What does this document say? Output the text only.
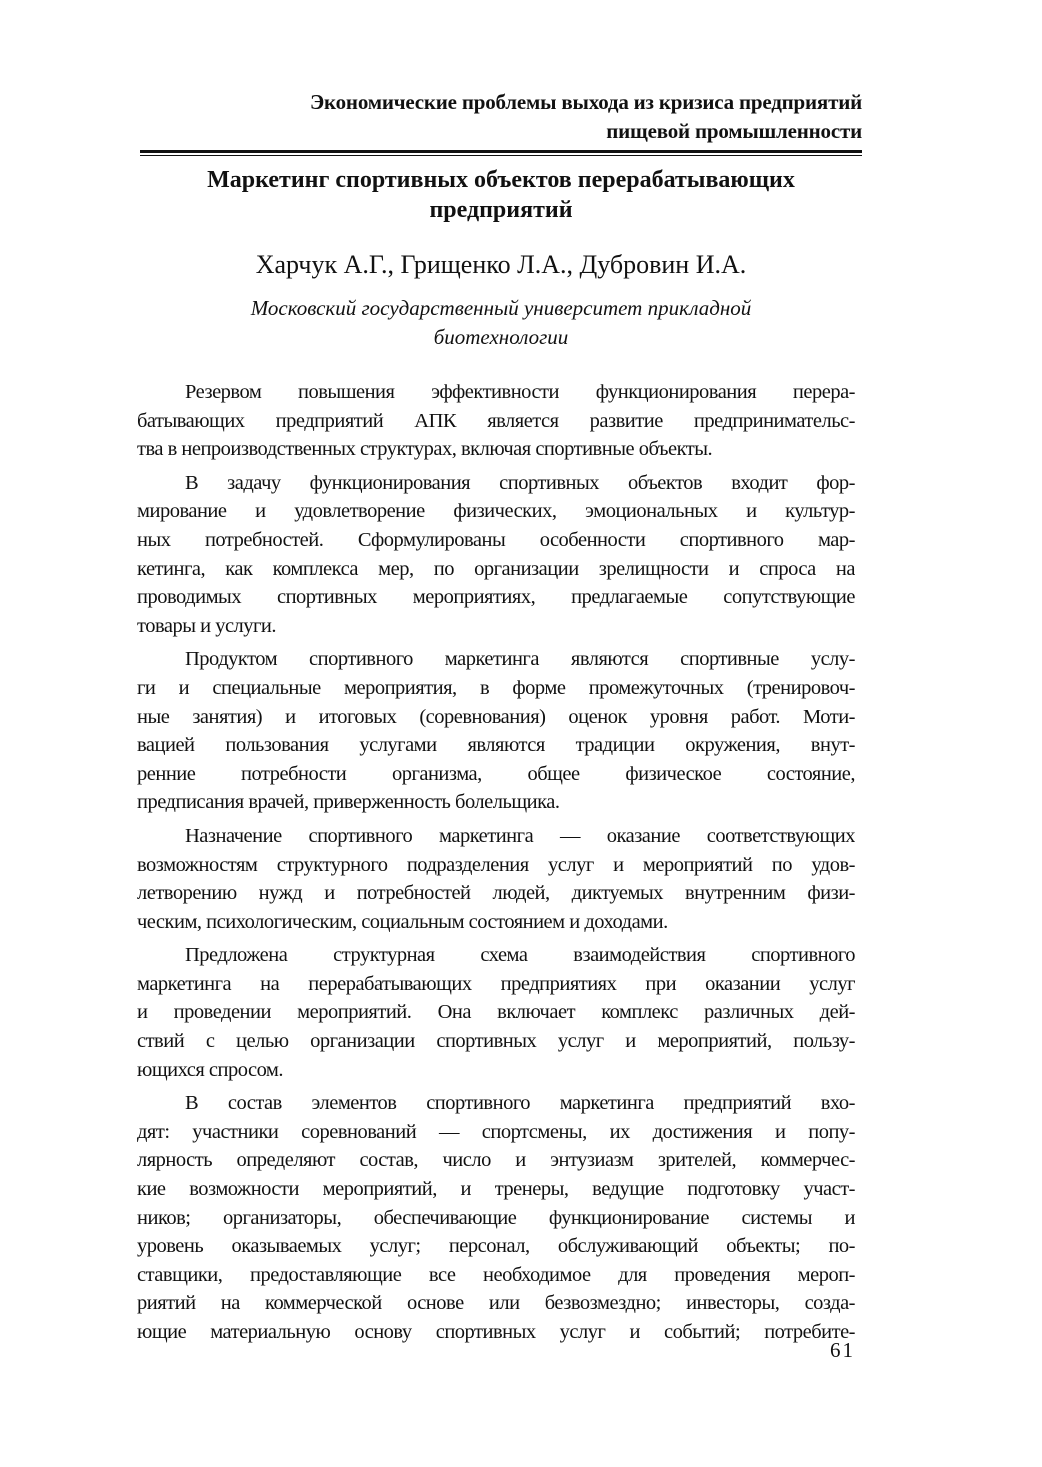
Экономические проблемы выхода из кризиса предприятий
пищевой промышленности
Маркетинг спортивных объектов перерабатывающих
предприятий
Харчук А.Г., Грищенко Л.А., Дубровин И.А.
Московский государственный университет прикладной
биотехнологии
Резервом повышения эффективности функционирования перера-
батывающих предприятий АПК является развитие предпринимательс-
тва в непроизводственных структурах, включая спортивные объекты.
В задачу функционирования спортивных объектов входит фор-
мирование и удовлетворение физических, эмоциональных и культур-
ных потребностей. Сформулированы особенности спортивного мар-
кетинга, как комплекса мер, по организации зрелищности и спроса на
проводимых спортивных мероприятиях, предлагаемые сопутствующие
товары и услуги.
Продуктом спортивного маркетинга являются спортивные услу-
ги и специальные мероприятия, в форме промежуточных (тренировоч-
ные занятия) и итоговых (соревнования) оценок уровня работ. Моти-
вацией пользования услугами являются традиции окружения, внут-
ренние потребности организма, общее физическое состояние,
предписания врачей, приверженность болельщика.
Назначение спортивного маркетинга — оказание соответствующих
возможностям структурного подразделения услуг и мероприятий по удов-
летворению нужд и потребностей людей, диктуемых внутренним физи-
ческим, психологическим, социальным состоянием и доходами.
Предложена структурная схема взаимодействия спортивного
маркетинга на перерабатывающих предприятиях при оказании услуг
и проведении мероприятий. Она включает комплекс различных дей-
ствий с целью организации спортивных услуг и мероприятий, пользу-
ющихся спросом.
В состав элементов спортивного маркетинга предприятий вхо-
дят: участники соревнований — спортсмены, их достижения и попу-
лярность определяют состав, число и энтузиазм зрителей, коммерчес-
кие возможности мероприятий, и тренеры, ведущие подготовку участ-
ников; организаторы, обеспечивающие функционирование системы и
уровень оказываемых услуг; персонал, обслуживающий объекты; по-
ставщики, предоставляющие все необходимое для проведения мероп-
риятий на коммерческой основе или безвозмездно; инвесторы, созда-
ющие материальную основу спортивных услуг и событий; потребите-
61
